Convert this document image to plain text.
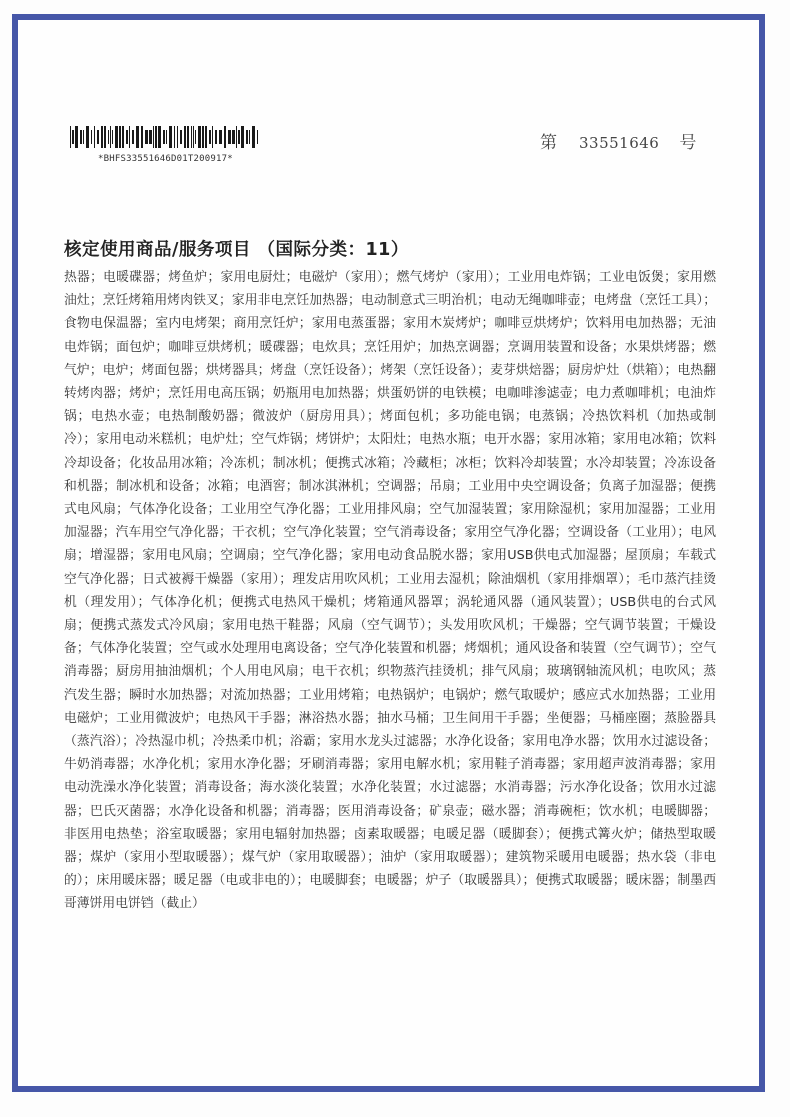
*BHFS33551646D01T200917*
第 33551646 号
核定使用商品/服务项目 （国际分类：11）
热器；电暖碟器；烤鱼炉；家用电厨灶；电磁炉（家用）；燃气烤炉（家用）；工业用电炸锅；工业电饭煲；家用燃油灶；烹饪烤箱用烤肉铁叉；家用非电烹饪加热器；电动制意式三明治机；电动无绳咖啡壶；电烤盘（烹饪工具）；食物电保温器；室内电烤架；商用烹饪炉；家用电蒸蛋器；家用木炭烤炉；咖啡豆烘烤炉；饮料用电加热器；无油电炸锅；面包炉；咖啡豆烘烤机；暖碟器；电炊具；烹饪用炉；加热烹调器；烹调用装置和设备；水果烘烤器；燃气炉；电炉；烤面包器；烘烤器具；烤盘（烹饪设备）；烤架（烹饪设备）；麦芽烘焙器；厨房炉灶（烘箱）；电热翻转烤肉器；烤炉；烹饪用电高压锅；奶瓶用电加热器；烘蛋奶饼的电铁模；电咖啡渗滤壶；电力煮咖啡机；电油炸锅；电热水壶；电热制酸奶器；微波炉（厨房用具）；烤面包机；多功能电锅；电蒸锅；冷热饮料机（加热或制冷）；家用电动米糕机；电炉灶；空气炸锅；烤饼炉；太阳灶；电热水瓶；电开水器；家用冰箱；家用电冰箱；饮料冷却设备；化妆品用冰箱；冷冻机；制冰机；便携式冰箱；冷藏柜；冰柜；饮料冷却装置；水冷却装置；冷冻设备和机器；制冰机和设备；冰箱；电酒窖；制冰淇淋机；空调器；吊扇；工业用中央空调设备；负离子加湿器；便携式电风扇；气体净化设备；工业用空气净化器；工业用排风扇；空气加湿装置；家用除湿机；家用加湿器；工业用加湿器；汽车用空气净化器；干衣机；空气净化装置；空气消毒设备；家用空气净化器；空调设备（工业用）；电风扇；增湿器；家用电风扇；空调扇；空气净化器；家用电动食品脱水器；家用USB供电式加湿器；屋顶扇；车载式空气净化器；日式被褥干燥器（家用）；理发店用吹风机；工业用去湿机；除油烟机（家用排烟罩）；毛巾蒸汽挂烫机（理发用）；气体净化机；便携式电热风干燥机；烤箱通风器罩；涡轮通风器（通风装置）；USB供电的台式风扇；便携式蒸发式冷风扇；家用电热干鞋器；风扇（空气调节）；头发用吹风机；干燥器；空气调节装置；干燥设备；气体净化装置；空气或水处理用电离设备；空气净化装置和机器；烤烟机；通风设备和装置（空气调节）；空气消毒器；厨房用抽油烟机；个人用电风扇；电干衣机；织物蒸汽挂烫机；排气风扇；玻璃钢轴流风机；电吹风；蒸汽发生器；瞬时水加热器；对流加热器；工业用烤箱；电热锅炉；电锅炉；燃气取暖炉；感应式水加热器；工业用电磁炉；工业用微波炉；电热风干手器；淋浴热水器；抽水马桶；卫生间用干手器；坐便器；马桶座圈；蒸脸器具（蒸汽浴）；冷热湿巾机；冷热柔巾机；浴霸；家用水龙头过滤器；水净化设备；家用电净水器；饮用水过滤设备；牛奶消毒器；水净化机；家用水净化器；牙刷消毒器；家用电解水机；家用鞋子消毒器；家用超声波消毒器；家用电动洗澡水净化装置；消毒设备；海水淡化装置；水净化装置；水过滤器；水消毒器；污水净化设备；饮用水过滤器；巴氏灭菌器；水净化设备和机器；消毒器；医用消毒设备；矿泉壶；磁水器；消毒碗柜；饮水机；电暖脚器；非医用电热垫；浴室取暖器；家用电辐射加热器；卤素取暖器；电暖足器（暖脚套）；便携式篝火炉；储热型取暖器；煤炉（家用小型取暖器）；煤气炉（家用取暖器）；油炉（家用取暖器）；建筑物采暖用电暖器；热水袋（非电的）；床用暖床器；暖足器（电或非电的）；电暖脚套；电暖器；炉子（取暖器具）；便携式取暖器；暖床器；制墨西哥薄饼用电饼铛（截止）
